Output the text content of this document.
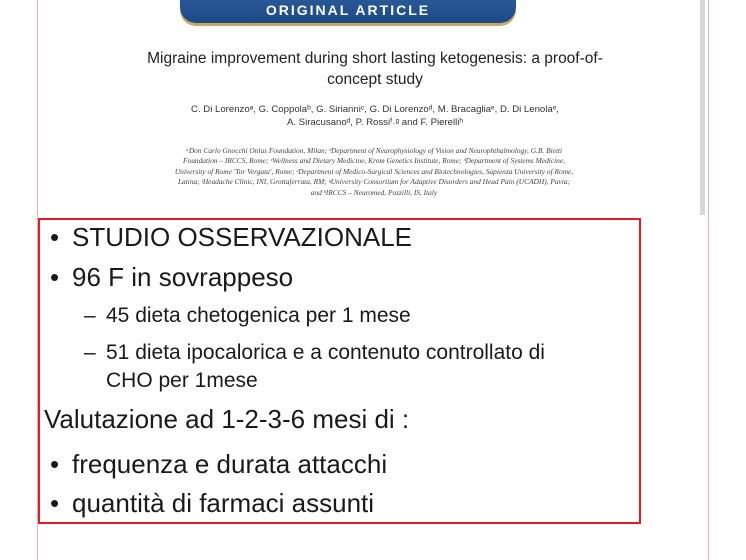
ORIGINAL ARTICLE
Migraine improvement during short lasting ketogenesis: a proof-of-
concept study
C. Di Lorenzoᵃ, G. Coppolaᵇ, G. Sirianniᶜ, G. Di Lorenzoᵈ, M. Bracagliaᵉ, D. Di Lenolaᵉ,
A. Siracusanoᵈ, P. Rossiᶠ˒ᵍ and F. Pierelliʰ
ᵃDon Carlo Gnocchi Onlus Foundation, Milan; ᵇDepartment of Neurophysiology of Vision and Neurophthalmology, G.B. Bietti
Foundation – IRCCS, Rome; ᶜWellness and Dietary Medicine, Krom Genetics Institute, Rome; ᵈDepartment of Systems Medicine,
University of Rome 'Tor Vergata', Rome; ᵉDepartment of Medico-Surgical Sciences and Biotechnologies, Sapienza University of Rome,
Latina; ᶠHeadache Clinic, INI, Grottaferrata, RM; ᵍUniversity Consortium for Adaptive Disorders and Head Pain (UCADH), Pavia;
and ʰIRCCS – Neuromed, Pozzilli, IS, Italy
• STUDIO OSSERVAZIONALE
• 96 F in sovrappeso
– 45 dieta chetogenica per 1 mese
– 51 dieta ipocalorica e a contenuto controllato di
CHO per 1mese
Valutazione ad 1-2-3-6 mesi di :
• frequenza e durata attacchi
• quantità di farmaci assunti
